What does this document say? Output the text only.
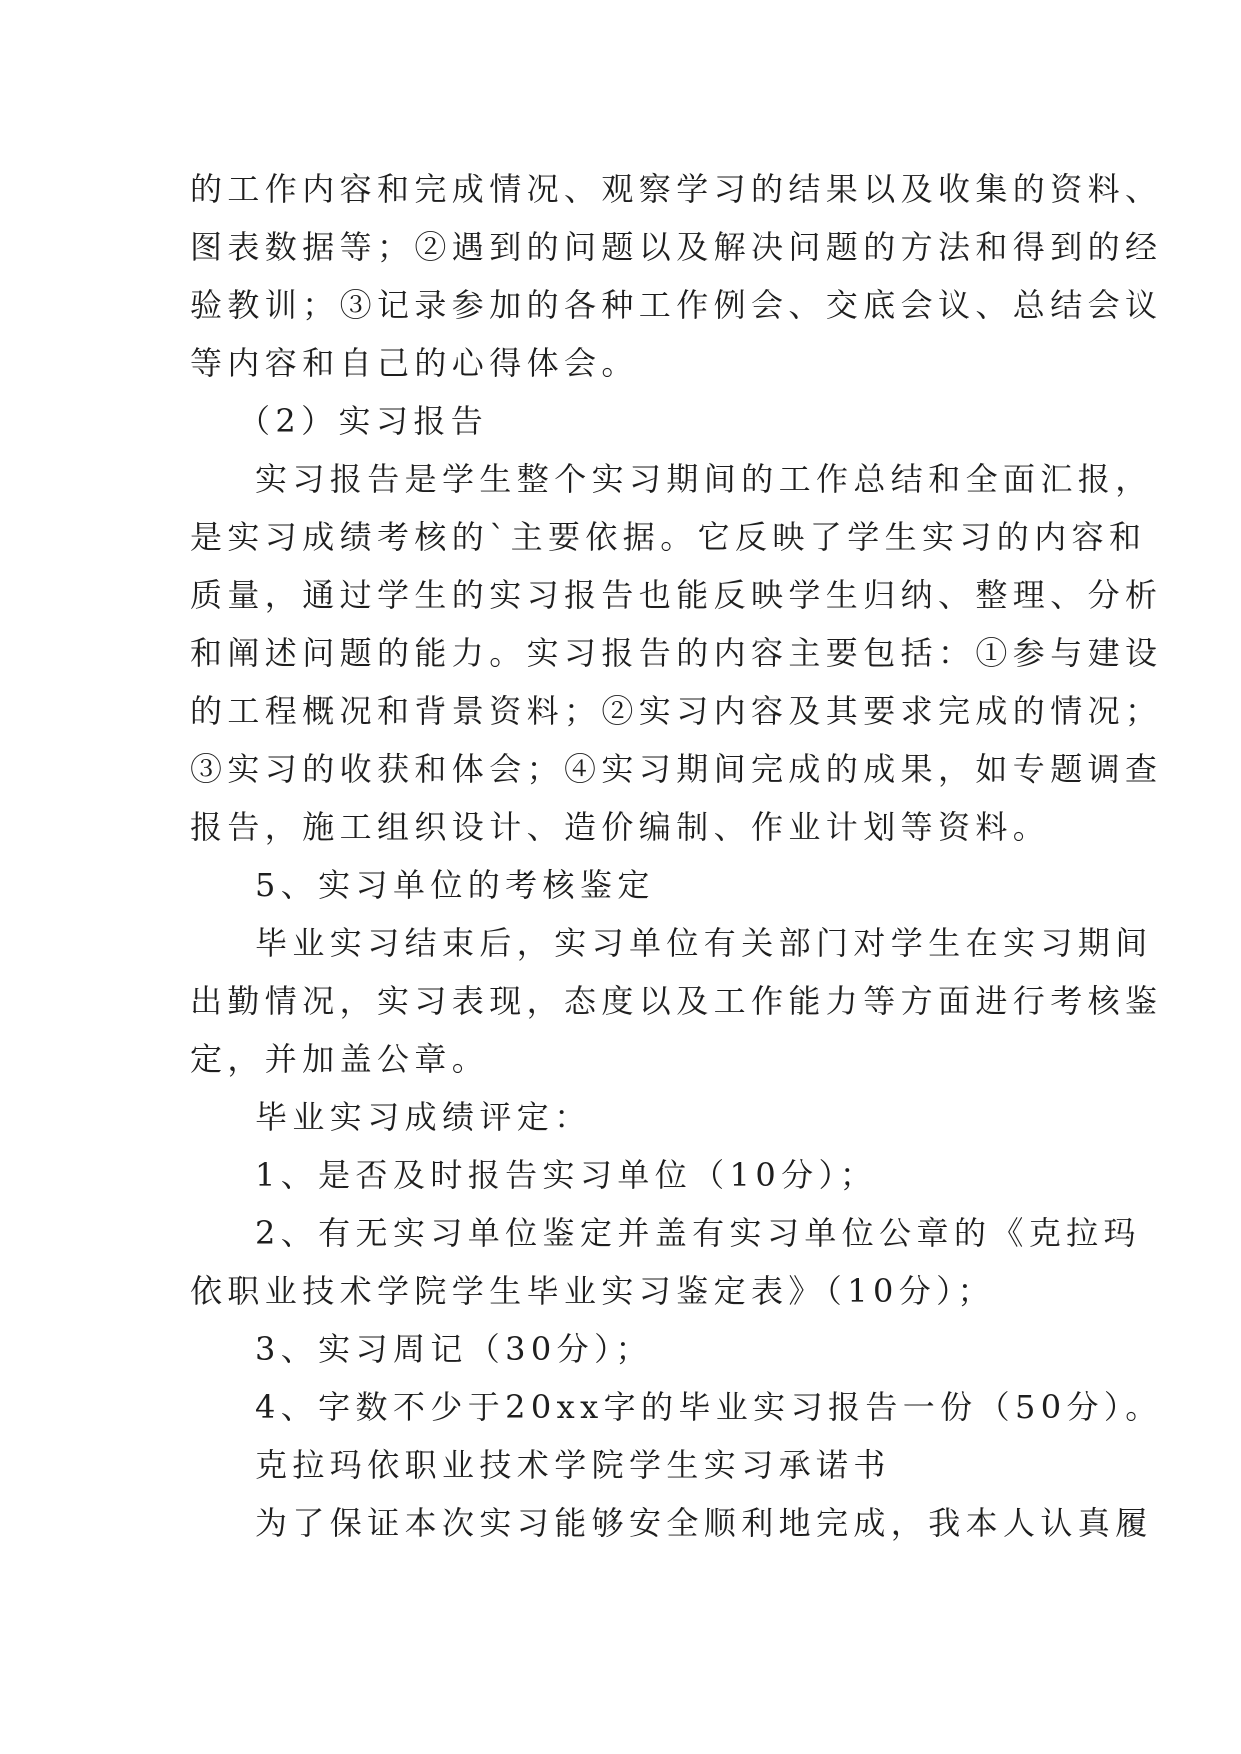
的工作内容和完成情况、观察学习的结果以及收集的资料、
图表数据等；②遇到的问题以及解决问题的方法和得到的经
验教训；③记录参加的各种工作例会、交底会议、总结会议
等内容和自己的心得体会。
（2）实习报告
实习报告是学生整个实习期间的工作总结和全面汇报，
是实习成绩考核的`主要依据。它反映了学生实习的内容和
质量，通过学生的实习报告也能反映学生归纳、整理、分析
和阐述问题的能力。实习报告的内容主要包括：①参与建设
的工程概况和背景资料；②实习内容及其要求完成的情况；
③实习的收获和体会；④实习期间完成的成果，如专题调查
报告，施工组织设计、造价编制、作业计划等资料。
5、实习单位的考核鉴定
毕业实习结束后，实习单位有关部门对学生在实习期间
出勤情况，实习表现，态度以及工作能力等方面进行考核鉴
定，并加盖公章。
毕业实习成绩评定：
1、是否及时报告实习单位（10分）；
2、有无实习单位鉴定并盖有实习单位公章的《克拉玛
依职业技术学院学生毕业实习鉴定表》（10分）；
3、实习周记（30分）；
4、字数不少于20xx字的毕业实习报告一份（50分）。
克拉玛依职业技术学院学生实习承诺书
为了保证本次实习能够安全顺利地完成，我本人认真履
